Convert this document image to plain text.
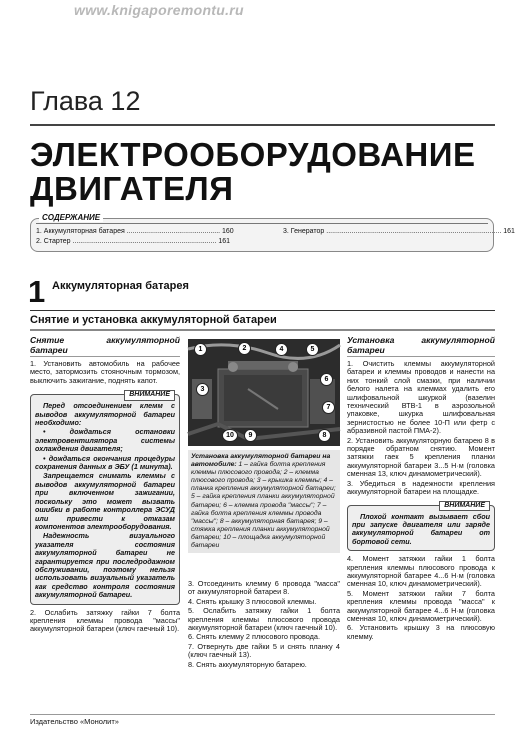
www.knigaporemontu.ru
Глава 12
ЭЛЕКТРООБОРУДОВАНИЕ
ДВИГАТЕЛЯ
СОДЕРЖАНИЕ
1. Аккумуляторная батарея ................................................ 160
2. Стартер .......................................................................... 161
3. Генератор .......................................................................................... 161
1 Аккумуляторная батарея
Снятие и установка аккумуляторной батареи
Снятие аккумуляторной батареи

1. Установить автомобиль на рабочее место, затормозить стояночным тормозом, выключить зажигание, поднять капот.

ВНИМАНИЕ

Перед отсоединением клемм с выводов аккумуляторной батареи необходимо:

• дождаться остановки электровентилятора системы охлаждения двигателя;

• дождаться окончания процедуры сохранения данных в ЭБУ (1 минута).

Запрещается снимать клеммы с выводов аккумуляторной батареи при включенном зажигании, поскольку это может вызвать ошибки в работе контроллера ЭСУД или привести к отказам компонентов электрооборудования.

Надежность визуального указателя состояния аккумуляторной батареи не гарантируется при последродажном обслуживании, поэтому нельзя использовать визуальный указатель как средство контроля состояния аккумуляторной батареи.

2. Ослабить затяжку гайки 7 болта крепления клеммы провода "массы" аккумуляторной батареи (ключ гаечный 10).

1	2
3
4	5
6
7
8
9
10
Установка аккумуляторной батареи на автомобиле: 1 – гайка болта крепления клеммы плюсового провода; 2 – клемма плюсового провода; 3 – крышка клеммы; 4 – планка крепления аккумуляторной батареи; 5 – гайка крепления планки аккумуляторной батареи; 6 – клемма провода "массы"; 7 – гайка болта крепления клеммы провода "массы"; 8 – аккумуляторная батарея; 9 – стяжка крепления планки аккумуляторной батареи; 10 – площадка аккумуляторной батареи

3. Отсоединить клемму 6 провода "масса" от аккумуляторной батареи 8.

4. Снять крышку 3 плюсовой клеммы.

5. Ослабить затяжку гайки 1 болта крепления клеммы плюсового провода аккумуляторной батареи (ключ гаечный 10).

6. Снять клемму 2 плюсового провода.

7. Отвернуть две гайки 5 и снять планку 4 (ключ гаечный 13).

8. Снять аккумуляторную батарею.

Установка аккумуляторной батареи

1. Очистить клеммы аккумуляторной батареи и клеммы проводов и нанести на них тонкий слой смазки, при наличии белого налета на клеммах удалить его шлифовальной шкуркой (вазелин технический ВТВ-1 в аэрозольной упаковке, шкурка шлифовальная зернистостью не более 10-П или фетр с абразивной пастой ПМА-2).

2. Установить аккумуляторную батарею 8 в порядке обратном снятию. Момент затяжки гаек 5 крепления планки аккумуляторной батареи 3...5 Н·м (головка сменная 13, ключ динамометрический).

3. Убедиться в надежности крепления аккумуляторной батареи на площадке.

ВНИМАНИЕ

Плохой контакт вызывает сбои при запуске двигателя или заряде аккумуляторной батареи от бортовой сети.

4. Момент затяжки гайки 1 болта крепления клеммы плюсового провода к аккумуляторной батарее 4...6 Н·м (головка сменная 10, ключ динамометрический).

5. Момент затяжки гайки 7 болта крепления клеммы провода "масса" к аккумуляторной батарее 4...6 Н·м (головка сменная 10, ключ динамометрический).

6. Установить крышку 3 на плюсовую клемму.

Издательство «Монолит»
